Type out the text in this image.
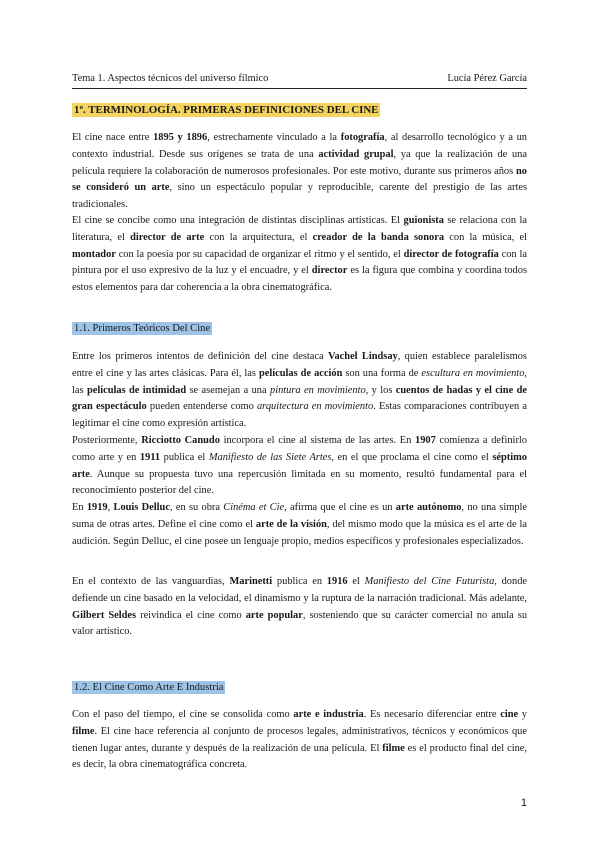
Tema 1. Aspectos técnicos del universo fílmico	Lucía Pérez García
1º. TERMINOLOGÍA. PRIMERAS DEFINICIONES DEL CINE

El cine nace entre 1895 y 1896, estrechamente vinculado a la fotografía, al desarrollo tecnológico y a un contexto industrial. Desde sus orígenes se trata de una actividad grupal, ya que la realización de una película requiere la colaboración de numerosos profesionales. Por este motivo, durante sus primeros años no se consideró un arte, sino un espectáculo popular y reproducible, carente del prestigio de las artes tradicionales.

El cine se concibe como una integración de distintas disciplinas artísticas. El guionista se relaciona con la literatura, el director de arte con la arquitectura, el creador de la banda sonora con la música, el montador con la poesía por su capacidad de organizar el ritmo y el sentido, el director de fotografía con la pintura por el uso expresivo de la luz y el encuadre, y el director es la figura que combina y coordina todos estos elementos para dar coherencia a la obra cinematográfica.

1.1. Primeros Teóricos Del Cine

Entre los primeros intentos de definición del cine destaca Vachel Lindsay, quien establece paralelismos entre el cine y las artes clásicas. Para él, las películas de acción son una forma de escultura en movimiento, las películas de intimidad se asemejan a una pintura en movimiento, y los cuentos de hadas y el cine de gran espectáculo pueden entenderse como arquitectura en movimiento. Estas comparaciones contribuyen a legitimar el cine como expresión artística.

Posteriormente, Ricciotto Canudo incorpora el cine al sistema de las artes. En 1907 comienza a definirlo como arte y en 1911 publica el Manifiesto de las Siete Artes, en el que proclama el cine como el séptimo arte. Aunque su propuesta tuvo una repercusión limitada en su momento, resultó fundamental para el reconocimiento posterior del cine.

En 1919, Louis Delluc, en su obra Cinéma et Cie, afirma que el cine es un arte autónomo, no una simple suma de otras artes. Define el cine como el arte de la visión, del mismo modo que la música es el arte de la audición. Según Delluc, el cine posee un lenguaje propio, medios específicos y profesionales especializados.

En el contexto de las vanguardias, Marinetti publica en 1916 el Manifiesto del Cine Futurista, donde defiende un cine basado en la velocidad, el dinamismo y la ruptura de la narración tradicional. Más adelante, Gilbert Seldes reivindica el cine como arte popular, sosteniendo que su carácter comercial no anula su valor artístico.

1.2. El Cine Como Arte E Industria

Con el paso del tiempo, el cine se consolida como arte e industria. Es necesario diferenciar entre cine y filme. El cine hace referencia al conjunto de procesos legales, administrativos, técnicos y económicos que tienen lugar antes, durante y después de la realización de una película. El filme es el producto final del cine, es decir, la obra cinematográfica concreta.

1
